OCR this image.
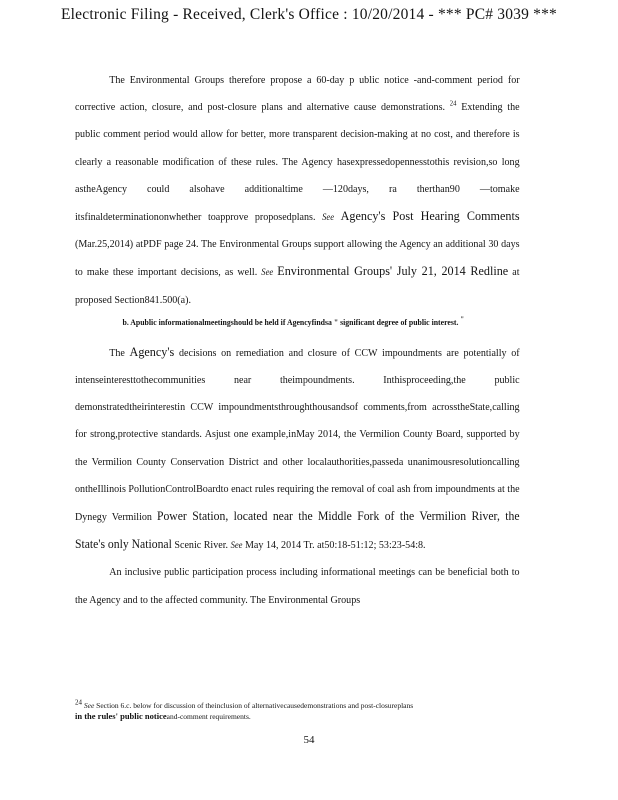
Electronic Filing - Received, Clerk's Office : 10/20/2014 - *** PC# 3039 ***

The Environmental Groups therefore propose a 60-day p ublic notice -and-comment period for corrective action, closure, and post-closure plans and alternative cause demonstrations. $^{24}$ Extending the public comment period would allow for better, more transparent decision-making at no cost, and therefore is clearly a reasonable modification of these rules. The Agency hasexpressedopennesstothis revision,so long astheAgency could alsohave additionaltime —120days, ra therthan90 —tomake itsfinaldeterminationonwhether toapprove proposedplans. See Agency's Post Hearing Comments (Mar.25,2014) atPDF page 24. The Environmental Groups support allowing the Agency an additional 30 days to make these important decisions, as well. See Environmental Groups' July 21, 2014 Redline at proposed Section841.500(a).

b. Apublic informationalmeetingshould be held if Agencyfindsa " significant degree of public interest. "

The Agency's decisions on remediation and closure of CCW impoundments are potentially of intenseinteresttothecommunities near theimpoundments. Inthisproceeding,the public demonstratedtheirinterestin CCW impoundmentsthroughthousandsof comments,from acrosstheState,calling for strong,protective standards. Asjust one example,inMay 2014, the Vermilion County Board, supported by the Vermilion County Conservation District and other localauthorities,passeda unanimousresolutioncalling ontheIllinois PollutionControlBoardto enact rules requiring the removal of coal ash from impoundments at the Dynegy Vermilion Power Station, located near the Middle Fork of the Vermilion River, the State's only National Scenic River. See May 14, 2014 Tr. at50:18-51:12; 53:23-54:8.

An inclusive public participation process including informational meetings can be beneficial both to the Agency and to the affected community. The Environmental Groups

24 See Section 6.c. below for discussion of theinclusion of alternativecausedemonstrations and post-closureplans
in the rules' public noticeand-comment requirements.
54
